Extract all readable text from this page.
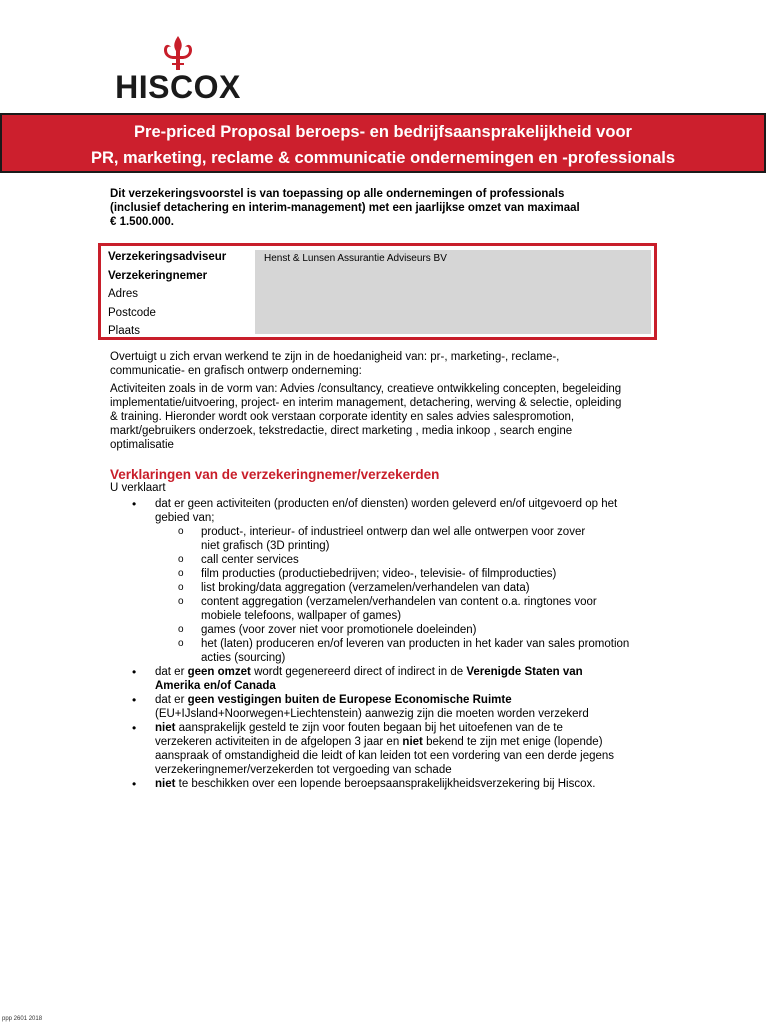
HISCOX
Pre-priced Proposal beroeps- en bedrijfsaansprakelijkheid voor
PR, marketing, reclame & communicatie ondernemingen en -professionals
Dit verzekeringsvoorstel is van toepassing op alle ondernemingen of professionals
(inclusief detachering en interim-management) met een jaarlijkse omzet van maximaal
€ 1.500.000.
Verzekeringsadviseur
Verzekeringnemer
Adres
Postcode
Plaats
Henst & Lunsen Assurantie Adviseurs BV
Overtuigt u zich ervan werkend te zijn in de hoedanigheid van: pr-, marketing-, reclame-,
communicatie- en grafisch ontwerp onderneming:
Activiteiten zoals in de vorm van: Advies /consultancy, creatieve ontwikkeling concepten, begeleiding
implementatie/uitvoering, project- en interim management, detachering, werving & selectie, opleiding
& training. Hieronder wordt ook verstaan corporate identity en sales advies salespromotion,
markt/gebruikers onderzoek, tekstredactie, direct marketing , media inkoop , search engine
optimalisatie
Verklaringen van de verzekeringnemer/verzekerden
U verklaart
• dat er geen activiteiten (producten en/of diensten) worden geleverd en/of uitgevoerd op het
gebied van;
o product-, interieur- of industrieel ontwerp dan wel alle ontwerpen voor zover
niet grafisch (3D printing)
o call center services
o film producties (productiebedrijven; video-, televisie- of filmproducties)
o list broking/data aggregation (verzamelen/verhandelen van data)
o content aggregation (verzamelen/verhandelen van content o.a. ringtones voor
mobiele telefoons, wallpaper of games)
o games (voor zover niet voor promotionele doeleinden)
o het (laten) produceren en/of leveren van producten in het kader van sales promotion
acties (sourcing)
• dat er geen omzet wordt gegenereerd direct of indirect in de Verenigde Staten van
Amerika en/of Canada
• dat er geen vestigingen buiten de Europese Economische Ruimte
(EU+IJsland+Noorwegen+Liechtenstein) aanwezig zijn die moeten worden verzekerd
• niet aansprakelijk gesteld te zijn voor fouten begaan bij het uitoefenen van de te
verzekeren activiteiten in de afgelopen 3 jaar en niet bekend te zijn met enige (lopende)
aanspraak of omstandigheid die leidt of kan leiden tot een vordering van een derde jegens
verzekeringnemer/verzekerden tot vergoeding van schade
• niet te beschikken over een lopende beroepsaansprakelijkheidsverzekering bij Hiscox.
ppp 2601 2018
